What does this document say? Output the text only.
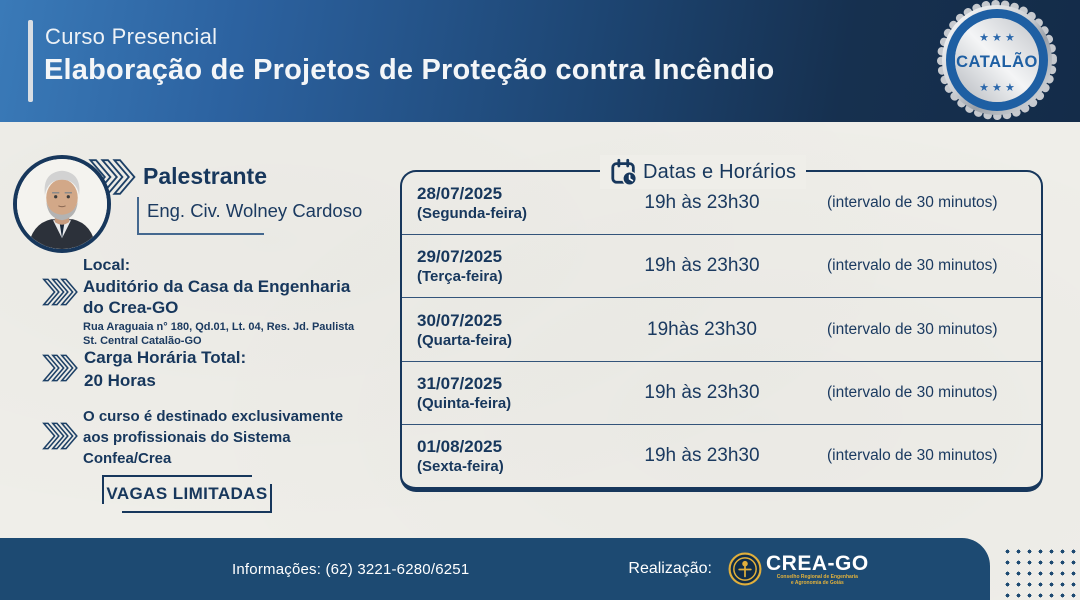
Curso Presencial
Elaboração de Projetos de Proteção contra Incêndio
★ ★ ★
CATALÃO
★ ★ ★
Palestrante
Eng. Civ. Wolney Cardoso
Local:
Auditório da Casa da Engenharia
do Crea-GO
Rua Araguaia n° 180, Qd.01, Lt. 04, Res. Jd. Paulista
St. Central Catalão-GO
Carga Horária Total:
20 Horas
O curso é destinado exclusivamente
aos profissionais do Sistema
Confea/Crea
VAGAS LIMITADAS
Datas e Horários
28/07/2025
(Segunda-feira)
19h às 23h30	(intervalo de 30 minutos)
29/07/2025
(Terça-feira)
19h às 23h30	(intervalo de 30 minutos)
30/07/2025
(Quarta-feira)
19hàs 23h30	(intervalo de 30 minutos)
31/07/2025
(Quinta-feira)
19h às 23h30	(intervalo de 30 minutos)
01/08/2025
(Sexta-feira)
19h às 23h30	(intervalo de 30 minutos)
Informações: (62) 3221-6280/6251	Realização:	CREA-GO
Conselho Regional de Engenharia
e Agronomia de Goiás
